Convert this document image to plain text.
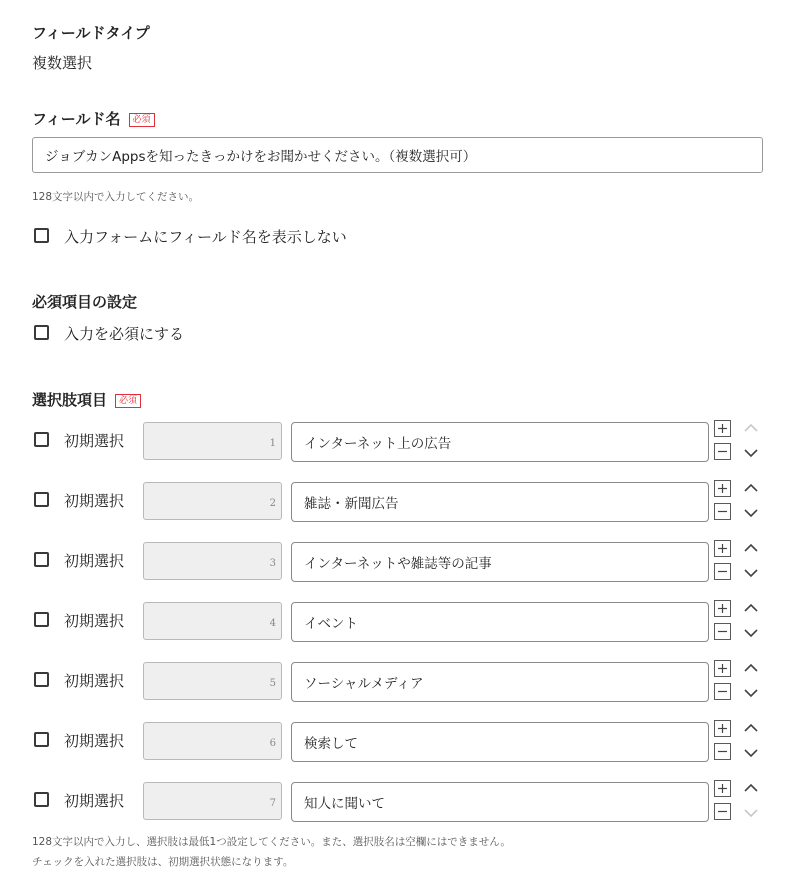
フィールドタイプ
複数選択
フィールド名 必須
ジョブカンAppsを知ったきっかけをお聞かせください。（複数選択可）
128文字以内で入力してください。
入力フォームにフィールド名を表示しない
必須項目の設定
入力を必須にする
選択肢項目 必須
初期選択	1	インターネット上の広告
初期選択	2	雑誌・新聞広告
初期選択	3	インターネットや雑誌等の記事
初期選択	4	イベント
初期選択	5	ソーシャルメディア
初期選択	6	検索して
初期選択	7	知人に聞いて
128文字以内で入力し、選択肢は最低1つ設定してください。また、選択肢名は空欄にはできません。
チェックを入れた選択肢は、初期選択状態になります。
